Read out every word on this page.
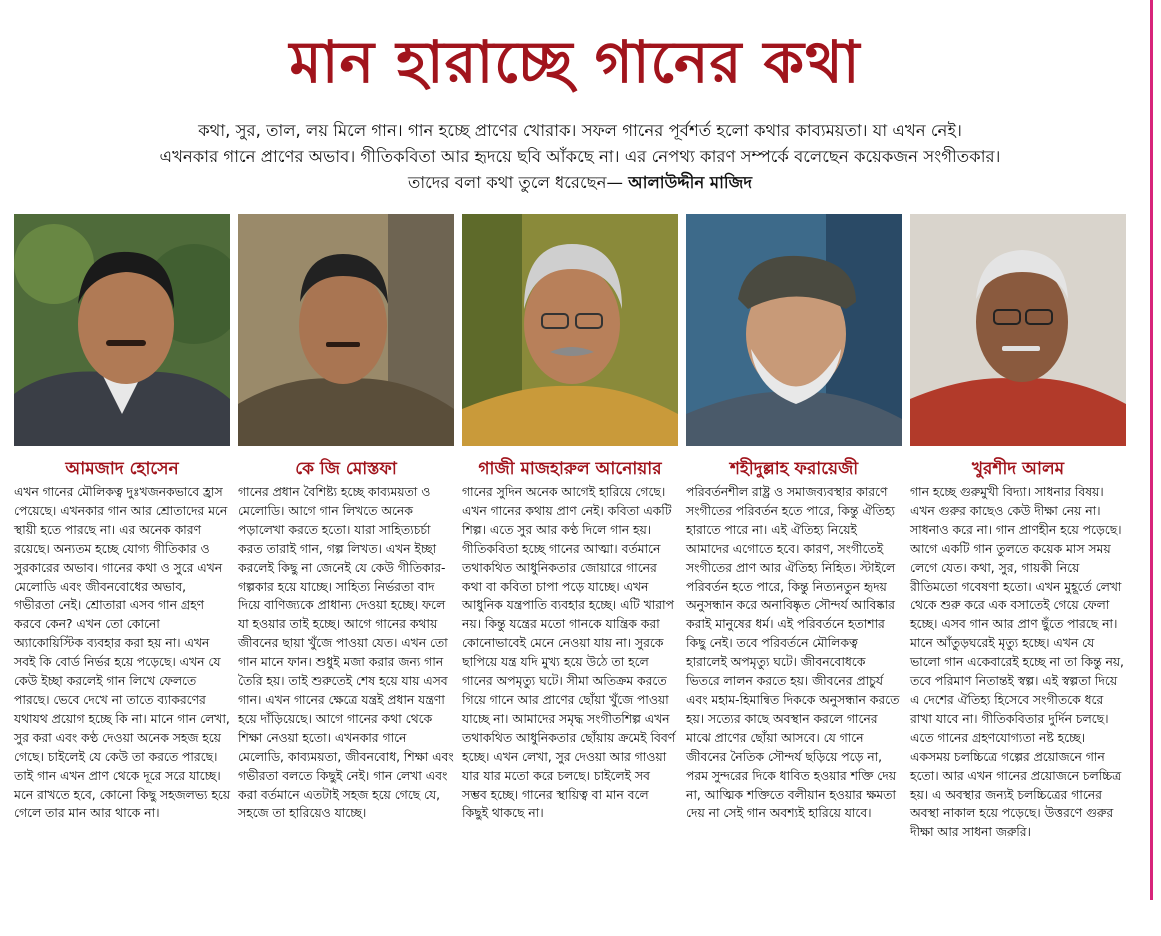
মান হারাচ্ছে গানের কথা
কথা, সুর, তাল, লয় মিলে গান। গান হচ্ছে প্রাণের খোরাক। সফল গানের পূর্বশর্ত হলো কথার কাব্যময়তা। যা এখন নেই।
এখনকার গানে প্রাণের অভাব। গীতিকবিতা আর হৃদয়ে ছবি আঁকছে না। এর নেপথ্য কারণ সম্পর্কে বলেছেন কয়েকজন সংগীতকার।
তাদের বলা কথা তুলে ধরেছেন— আলাউদ্দীন মাজিদ
আমজাদ হোসেন
এখন গানের মৌলিকত্ব দুঃখজনকভাবে হ্রাস পেয়েছে। এখনকার গান আর শ্রোতাদের মনে স্থায়ী হতে পারছে না। এর অনেক কারণ রয়েছে। অন্যতম হচ্ছে যোগ্য গীতিকার ও সুরকারের অভাব। গানের কথা ও সুরে এখন মেলোডি এবং জীবনবোধের অভাব, গভীরতা নেই। শ্রোতারা এসব গান গ্রহণ করবে কেন? এখন তো কোনো অ্যাকোয়িস্টিক ব্যবহার করা হয় না। এখন সবই কি বোর্ড নির্ভর হয়ে পড়েছে। এখন যে কেউ ইচ্ছা করলেই গান লিখে ফেলতে পারছে। ভেবে দেখে না তাতে ব্যাকরণের যথাযথ প্রয়োগ হচ্ছে কি না। মানে গান লেখা, সুর করা এবং কণ্ঠ দেওয়া অনেক সহজ হয়ে গেছে। চাইলেই যে কেউ তা করতে পারছে। তাই গান এখন প্রাণ থেকে দূরে সরে যাচ্ছে। মনে রাখতে হবে, কোনো কিছু সহজলভ্য হয়ে গেলে তার মান আর থাকে না।
কে জি মোস্তফা
গানের প্রধান বৈশিষ্ট্য হচ্ছে কাব্যময়তা ও মেলোডি। আগে গান লিখতে অনেক পড়ালেখা করতে হতো। যারা সাহিত্যচর্চা করত তারাই গান, গল্প লিখত। এখন ইচ্ছা করলেই কিছু না জেনেই যে কেউ গীতিকার-গল্পকার হয়ে যাচ্ছে। সাহিত্য নির্ভরতা বাদ দিয়ে বাণিজ্যকে প্রাধান্য দেওয়া হচ্ছে। ফলে যা হওয়ার তাই হচ্ছে। আগে গানের কথায় জীবনের ছায়া খুঁজে পাওয়া যেত। এখন তো গান মানে ফান। শুধুই মজা করার জন্য গান তৈরি হয়। তাই শুরুতেই শেষ হয়ে যায় এসব গান। এখন গানের ক্ষেত্রে যন্ত্রই প্রধান যন্ত্রণা হয়ে দাঁড়িয়েছে। আগে গানের কথা থেকে শিক্ষা নেওয়া হতো। এখনকার গানে মেলোডি, কাব্যময়তা, জীবনবোধ, শিক্ষা এবং গভীরতা বলতে কিছুই নেই। গান লেখা এবং করা বর্তমানে এতটাই সহজ হয়ে গেছে যে, সহজে তা হারিয়েও যাচ্ছে।
গাজী মাজহারুল আনোয়ার
গানের সুদিন অনেক আগেই হারিয়ে গেছে। এখন গানের কথায় প্রাণ নেই। কবিতা একটি শিল্প। এতে সুর আর কণ্ঠ দিলে গান হয়। গীতিকবিতা হচ্ছে গানের আত্মা। বর্তমানে তথাকথিত আধুনিকতার জোয়ারে গানের কথা বা কবিতা চাপা পড়ে যাচ্ছে। এখন আধুনিক যন্ত্রপাতি ব্যবহার হচ্ছে। এটি খারাপ নয়। কিন্তু যন্ত্রের মতো গানকে যান্ত্রিক করা কোনোভাবেই মেনে নেওয়া যায় না। সুরকে ছাপিয়ে যন্ত্র যদি মুখ্য হয়ে উঠে তা হলে গানের অপমৃত্যু ঘটে। সীমা অতিক্রম করতে গিয়ে গানে আর প্রাণের ছোঁয়া খুঁজে পাওয়া যাচ্ছে না। আমাদের সমৃদ্ধ সংগীতশিল্প এখন তথাকথিত আধুনিকতার ছোঁয়ায় ক্রমেই বিবর্ণ হচ্ছে। এখন লেখা, সুর দেওয়া আর গাওয়া যার যার মতো করে চলছে। চাইলেই সব সম্ভব হচ্ছে। গানের স্থায়িত্ব বা মান বলে কিছুই থাকছে না।
শহীদুল্লাহ ফরায়েজী
পরিবর্তনশীল রাষ্ট্র ও সমাজব্যবস্থার কারণে সংগীতের পরিবর্তন হতে পারে, কিন্তু ঐতিহ্য হারাতে পারে না। এই ঐতিহ্য নিয়েই আমাদের এগোতে হবে। কারণ, সংগীতেই সংগীতের প্রাণ আর ঐতিহ্য নিহিত। স্টাইলে পরিবর্তন হতে পারে, কিন্তু নিত্যনতুন হৃদয় অনুসন্ধান করে অনাবিষ্কৃত সৌন্দর্য আবিষ্কার করাই মানুষের ধর্ম। এই পরিবর্তনে হতাশার কিছু নেই। তবে পরিবর্তনে মৌলিকত্ব হারালেই অপমৃত্যু ঘটে। জীবনবোধকে ভিতরে লালন করতে হয়। জীবনের প্রাচুর্য এবং মহাম-হিমান্বিত দিককে অনুসন্ধান করতে হয়। সত্যের কাছে অবস্থান করলে গানের মাঝে প্রাণের ছোঁয়া আসবে। যে গানে জীবনের নৈতিক সৌন্দর্য ছড়িয়ে পড়ে না, পরম সুন্দরের দিকে ধাবিত হওয়ার শক্তি দেয় না, আত্মিক শক্তিতে বলীয়ান হওয়ার ক্ষমতা দেয় না সেই গান অবশ্যই হারিয়ে যাবে।
খুরশীদ আলম
গান হচ্ছে গুরুমুখী বিদ্যা। সাধনার বিষয়। এখন গুরুর কাছেও কেউ দীক্ষা নেয় না। সাধনাও করে না। গান প্রাণহীন হয়ে পড়েছে। আগে একটি গান তুলতে কয়েক মাস সময় লেগে যেত। কথা, সুর, গায়কী নিয়ে রীতিমতো গবেষণা হতো। এখন মুহূর্তে লেখা থেকে শুরু করে এক বসাতেই গেয়ে ফেলা হচ্ছে। এসব গান আর প্রাণ ছুঁতে পারছে না। মানে আঁতুড়ঘরেই মৃত্যু হচ্ছে। এখন যে ভালো গান একেবারেই হচ্ছে না তা কিন্তু নয়, তবে পরিমাণ নিতান্তই স্বল্প। এই স্বল্পতা দিয়ে এ দেশের ঐতিহ্য হিসেবে সংগীতকে ধরে রাখা যাবে না। গীতিকবিতার দুর্দিন চলছে। এতে গানের গ্রহণযোগ্যতা নষ্ট হচ্ছে। একসময় চলচ্চিত্রে গল্পের প্রয়োজনে গান হতো। আর এখন গানের প্রয়োজনে চলচ্চিত্র হয়। এ অবস্থার জন্যই চলচ্চিত্রের গানের অবস্থা নাকাল হয়ে পড়েছে। উত্তরণে গুরুর দীক্ষা আর সাধনা জরুরি।
